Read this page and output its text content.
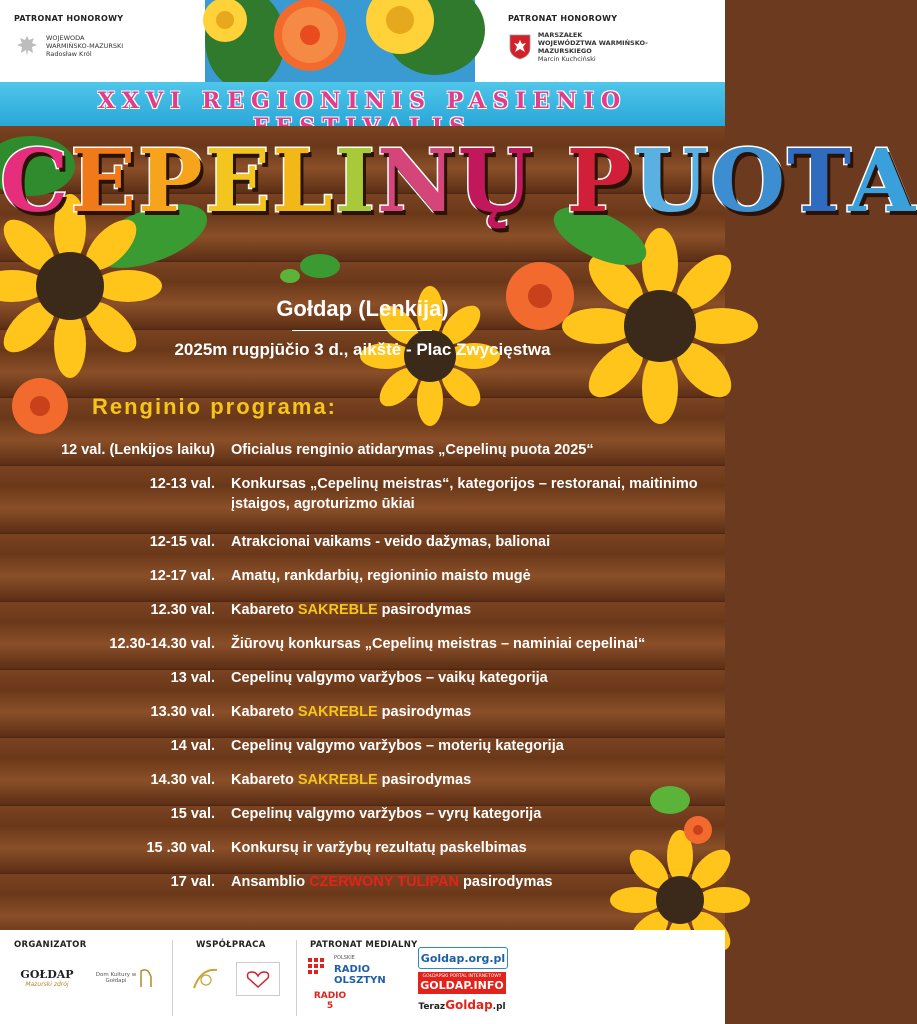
PATRONAT HONOROWY
WOJEWODA
WARMIŃSKO-MAZURSKI
Radosław Król
PATRONAT HONOROWY
MARSZAŁEK
WOJEWÓDZTWA WARMIŃSKO-MAZURSKIEGO
Marcin Kuchciński
XXVI REGIONINIS PASIENIO
CEPELINŲ PUOTA
Gołdap (Lenkija)
2025m rugpjūčio 3 d., aikštė - Plac Zwycięstwa
Renginio programa:
12 val. (Lenkijos laiku) Oficialus renginio atidarymas „Cepelinų puota 2025“
12-13 val. Konkursas „Cepelinų meistras“, kategorijos – restoranai, maitinimo įstaigos, agroturizmo ūkiai
12-15 val. Atrakcionai vaikams - veido dažymas, balionai
12-17 val. Amatų, rankdarbių, regioninio maisto mugė
12.30 val. Kabareto SAKREBLE pasirodymas
12.30-14.30 val. Žiūrovų konkursas „Cepelinų meistras – naminiai cepelinai“
13 val. Cepelinų valgymo varžybos – vaikų kategorija
13.30 val. Kabareto SAKREBLE pasirodymas
14 val. Cepelinų valgymo varžybos – moterių kategorija
14.30 val. Kabareto SAKREBLE pasirodymas
15 val. Cepelinų valgymo varžybos – vyrų kategorija
15 .30 val. Konkursų ir varžybų rezultatų paskelbimas
17 val. Ansamblio CZERWONY TULIPAN pasirodymas
ORGANIZATOR	WSPÓŁPRACA	PATRONAT MEDIALNY
GOŁDAP
Mazurski zdrój
Dom Kultury w Gołdapi
POLSKIE
RADIO OLSZTYN
RADIO 5
Goldap.org.pl
GOŁDAPSKI PORTAL INTERNETOWY
GOLDAP.INFO
TerazGoldap.pl
